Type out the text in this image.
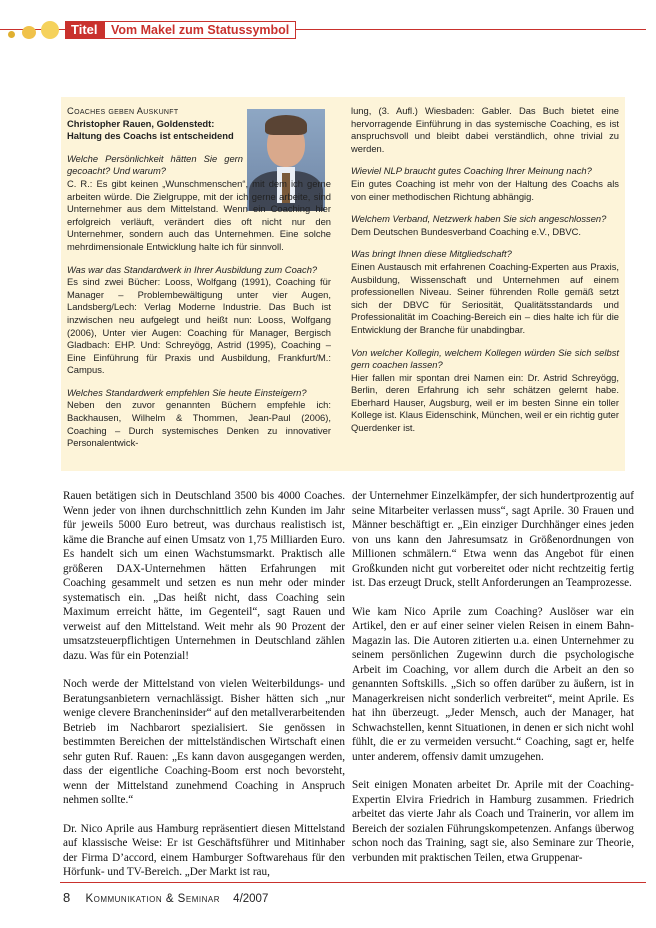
Titel	Vom Makel zum Statussymbol

Coaches geben Auskunft

Christopher Rauen, Goldenstedt:

Haltung des Coachs ist entscheidend

Welche Persönlichkeit hätten Sie gern gecoacht? Und warum?

C. R.: Es gibt keinen „Wunschmenschen“, mit dem ich gerne arbeiten würde. Die Zielgruppe, mit der ich gerne arbeite, sind Unternehmer aus dem Mittelstand. Wenn ein Coaching hier erfolgreich verläuft, verändert dies oft nicht nur den Unternehmer, sondern auch das Unternehmen. Eine solche mehrdimensionale Entwicklung halte ich für sinnvoll.

Was war das Standardwerk in Ihrer Ausbildung zum Coach?

Es sind zwei Bücher: Looss, Wolfgang (1991), Coaching für Manager – Problembewältigung unter vier Augen, Landsberg/Lech: Verlag Moderne Industrie. Das Buch ist inzwischen neu aufgelegt und heißt nun: Looss, Wolfgang (2006), Unter vier Augen: Coaching für Manager, Bergisch Gladbach: EHP. Und: Schreyögg, Astrid (1995), Coaching – Eine Einführung für Praxis und Ausbildung, Frankfurt/M.: Campus.

Welches Standardwerk empfehlen Sie heute Einsteigern?

Neben den zuvor genannten Büchern empfehle ich: Backhausen, Wilhelm & Thommen, Jean-Paul (2006), Coaching – Durch systemisches Denken zu innovativer Personalentwick-

lung, (3. Aufl.) Wiesbaden: Gabler. Das Buch bietet eine hervorragende Einführung in das systemische Coaching, es ist anspruchsvoll und bleibt dabei verständlich, ohne trivial zu werden.

Wieviel NLP braucht gutes Coaching Ihrer Meinung nach?

Ein gutes Coaching ist mehr von der Haltung des Coachs als von einer methodischen Richtung abhängig.

Welchem Verband, Netzwerk haben Sie sich angeschlossen?

Dem Deutschen Bundesverband Coaching e.V., DBVC.

Was bringt Ihnen diese Mitgliedschaft?

Einen Austausch mit erfahrenen Coaching-Experten aus Praxis, Ausbildung, Wissenschaft und Unternehmen auf einem professionellen Niveau. Seiner führenden Rolle gemäß setzt sich der DBVC für Seriosität, Qualitätsstandards und Professionalität im Coaching-Bereich ein – dies halte ich für die Entwicklung der Branche für unabdingbar.

Von welcher Kollegin, welchem Kollegen würden Sie sich selbst gern coachen lassen?

Hier fallen mir spontan drei Namen ein: Dr. Astrid Schreyögg, Berlin, deren Erfahrung ich sehr schätzen gelernt habe. Eberhard Hauser, Augsburg, weil er im besten Sinne ein toller Kollege ist. Klaus Eidenschink, München, weil er ein richtig guter Querdenker ist.

Rauen betätigen sich in Deutschland 3500 bis 4000 Coaches. Wenn jeder von ihnen durchschnittlich zehn Kunden im Jahr für jeweils 5000 Euro betreut, was durchaus realistisch ist, käme die Branche auf einen Umsatz von 1,75 Milliarden Euro. Es handelt sich um einen Wachstumsmarkt. Praktisch alle größeren DAX-Unternehmen hätten Erfahrungen mit Coaching gesammelt und setzen es nun mehr oder minder systematisch ein. „Das heißt nicht, dass Coaching sein Maximum erreicht hätte, im Gegenteil“, sagt Rauen und verweist auf den Mittelstand. Weit mehr als 90 Prozent der umsatzsteuerpflichtigen Unternehmen in Deutschland zählen dazu. Was für ein Potenzial!

Noch werde der Mittelstand von vielen Weiterbildungs- und Beratungsanbietern vernachlässigt. Bisher hätten sich „nur wenige clevere Brancheninsider“ auf den metallverarbeitenden Betrieb im Nachbarort spezialisiert. Sie genössen in bestimmten Bereichen der mittelständischen Wirtschaft einen sehr guten Ruf. Rauen: „Es kann davon ausgegangen werden, dass der eigentliche Coaching-Boom erst noch bevorsteht, wenn der Mittelstand zunehmend Coaching in Anspruch nehmen sollte.“

Dr. Nico Aprile aus Hamburg repräsentiert diesen Mittelstand auf klassische Weise: Er ist Geschäftsführer und Mitinhaber der Firma D’accord, einem Hamburger Softwarehaus für den Hörfunk- und TV-Bereich. „Der Markt ist rau,

der Unternehmer Einzelkämpfer, der sich hundertprozentig auf seine Mitarbeiter verlassen muss“, sagt Aprile. 30 Frauen und Männer beschäftigt er. „Ein einziger Durchhänger eines jeden von uns kann den Jahresumsatz in Größenordnungen von Millionen schmälern.“ Etwa wenn das Angebot für einen Großkunden nicht gut vorbereitet oder nicht rechtzeitig fertig ist. Das erzeugt Druck, stellt Anforderungen an Teamprozesse.

Wie kam Nico Aprile zum Coaching? Auslöser war ein Artikel, den er auf einer seiner vielen Reisen in einem Bahn-Magazin las. Die Autoren zitierten u.a. einen Unternehmer zu seinem persönlichen Zugewinn durch die psychologische Arbeit im Coaching, vor allem durch die Arbeit an den so genannten Softskills. „Sich so offen darüber zu äußern, ist in Managerkreisen nicht sonderlich verbreitet“, meint Aprile. Es hat ihn überzeugt. „Jeder Mensch, auch der Manager, hat Schwachstellen, kennt Situationen, in denen er sich nicht wohl fühlt, die er zu vermeiden versucht.“ Coaching, sagt er, helfe unter anderem, offensiv damit umzugehen.

Seit einigen Monaten arbeitet Dr. Aprile mit der Coaching-Expertin Elvira Friedrich in Hamburg zusammen. Friedrich arbeitet das vierte Jahr als Coach und Trainerin, vor allem im Bereich der sozialen Führungskompetenzen. Anfangs überwog schon noch das Training, sagt sie, also Seminare zur Theorie, verbunden mit praktischen Teilen, etwa Gruppenar-

8 Kommunikation & Seminar 4/2007
